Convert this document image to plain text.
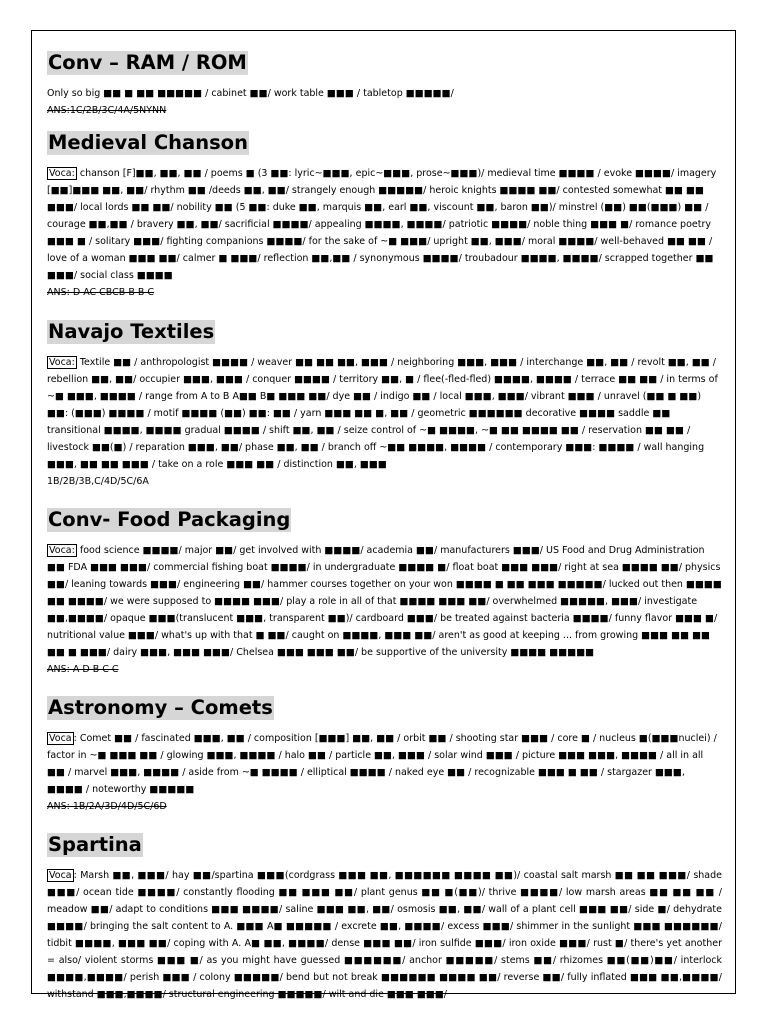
Conv – RAM / ROM

Only so big ■■ ■ ■■ ■■■■■ / cabinet ■■/ work table ■■■ / tabletop ■■■■■/

ANS:1C/2B/3C/4A/5NYNN

Medieval Chanson

Voca: chanson [F]■■, ■■, ■■ / poems ■ (3 ■■: lyric~■■■, epic~■■■, prose~■■■)/ medieval time ■■■■ / evoke ■■■■/ imagery [■■]■■■ ■■, ■■/ rhythm ■■ /deeds ■■, ■■/ strangely enough ■■■■■/ heroic knights ■■■■ ■■/ contested somewhat ■■ ■■ ■■■/ local lords ■■ ■■/ nobility ■■ (5 ■■: duke ■■, marquis ■■, earl ■■, viscount ■■, baron ■■)/ minstrel (■■) ■■(■■■) ■■ / courage ■■,■■ / bravery ■■, ■■/ sacrificial ■■■■/ appealing ■■■■, ■■■■/ patriotic ■■■■/ noble thing ■■■ ■/ romance poetry ■■■ ■ / solitary ■■■/ fighting companions ■■■■/ for the sake of ~■ ■■■/ upright ■■, ■■■/ moral ■■■■/ well-behaved ■■ ■■ / love of a woman ■■■ ■■/ calmer ■ ■■■/ reflection ■■,■■ / synonymous ■■■■/ troubadour ■■■■, ■■■■/ scrapped together ■■ ■■■/ social class ■■■■

ANS: D AC CBCB B B C

Navajo Textiles

Voca: Textile ■■ / anthropologist ■■■■ / weaver ■■ ■■ ■■, ■■■ / neighboring ■■■, ■■■ / interchange ■■, ■■ / revolt ■■, ■■ / rebellion ■■, ■■/ occupier ■■■, ■■■ / conquer ■■■■ / territory ■■, ■ / flee(-fled-fled) ■■■■, ■■■■ / terrace ■■ ■■ / in terms of ~■ ■■■, ■■■■ / range from A to B A■■ B■ ■■■ ■■/ dye ■■ / indigo ■■ / local ■■■, ■■■/ vibrant ■■■ / unravel (■■ ■ ■■) ■■: (■■■) ■■■■ / motif ■■■■ (■■) ■■: ■■ / yarn ■■■ ■■ ■, ■■ / geometric ■■■■■■ decorative ■■■■ saddle ■■ transitional ■■■■, ■■■■ gradual ■■■■ / shift ■■, ■■ / seize control of ~■ ■■■■, ~■ ■■ ■■■■ ■■ / reservation ■■ ■■ / livestock ■■(■) / reparation ■■■, ■■/ phase ■■, ■■ / branch off ~■■ ■■■■, ■■■■ / contemporary ■■■: ■■■■ / wall hanging ■■■, ■■ ■■ ■■■ / take on a role ■■■ ■■ / distinction ■■, ■■■

1B/2B/3B,C/4D/5C/6A

Conv- Food Packaging

Voca: food science ■■■■/ major ■■/ get involved with ■■■■/ academia ■■/ manufacturers ■■■/ US Food and Drug Administration ■■ FDA ■■■ ■■■/ commercial fishing boat ■■■■/ in undergraduate ■■■■ ■/ float boat ■■■ ■■■/ right at sea ■■■■ ■■/ physics ■■/ leaning towards ■■■/ engineering ■■/ hammer courses together on your won ■■■■ ■ ■■ ■■■ ■■■■■/ lucked out then ■■■■ ■■ ■■■■/ we were supposed to ■■■■ ■■■/ play a role in all of that ■■■■ ■■■ ■■/ overwhelmed ■■■■■, ■■■/ investigate ■■,■■■■/ opaque ■■■(translucent ■■■, transparent ■■)/ cardboard ■■■/ be treated against bacteria ■■■■/ funny flavor ■■■ ■/ nutritional value ■■■/ what's up with that ■ ■■/ caught on ■■■■, ■■■ ■■/ aren't as good at keeping ... from growing ■■■ ■■ ■■ ■■ ■ ■■■/ dairy ■■■, ■■■ ■■■/ Chelsea ■■■ ■■■ ■■/ be supportive of the university ■■■■ ■■■■■

ANS: A D B C C

Astronomy – Comets

Voca : Comet ■■ / fascinated ■■■, ■■ / composition [■■■] ■■, ■■ / orbit ■■ / shooting star ■■■ / core ■ / nucleus ■(■■■nuclei) / factor in ~■ ■■■ ■■ / glowing ■■■, ■■■■ / halo ■■ / particle ■■, ■■■ / solar wind ■■■ / picture ■■■ ■■■, ■■■■ / all in all ■■ / marvel ■■■, ■■■■ / aside from ~■ ■■■■ / elliptical ■■■■ / naked eye ■■ / recognizable ■■■ ■ ■■ / stargazer ■■■, ■■■■ / noteworthy ■■■■■

ANS: 1B/2A/3D/4D/5C/6D

Spartina

Voca : Marsh ■■, ■■■/ hay ■■/spartina ■■■(cordgrass ■■■ ■■, ■■■■■■ ■■■■ ■■)/ coastal salt marsh ■■ ■■ ■■■/ shade ■■■/ ocean tide ■■■■/ constantly flooding ■■ ■■■ ■■/ plant genus ■■ ■(■■)/ thrive ■■■■/ low marsh areas ■■ ■■ ■■ / meadow ■■/ adapt to conditions ■■■ ■■■■/ saline ■■■ ■■, ■■/ osmosis ■■, ■■/ wall of a plant cell ■■■ ■■/ side ■/ dehydrate ■■■■/ bringing the salt content to A. ■■■ A■ ■■■■■ / excrete ■■, ■■■■/ excess ■■■/ shimmer in the sunlight ■■■ ■■■■■■/ tidbit ■■■■, ■■■ ■■/ coping with A. A■ ■■, ■■■■/ dense ■■■ ■■/ iron sulfide ■■■/ iron oxide ■■■/ rust ■/ there's yet another = also/ violent storms ■■■ ■/ as you might have guessed ■■■■■■/ anchor ■■■■■/ stems ■■/ rhizomes ■■(■■)■■/ interlock ■■■■,■■■■/ perish ■■■ / colony ■■■■■/ bend but not break ■■■■■■ ■■■■ ■■/ reverse ■■/ fully inflated ■■■ ■■,■■■■/ withstand ■■■,■■■■/ structural engineering ■■■■■/ wilt and die ■■■ ■■■/
